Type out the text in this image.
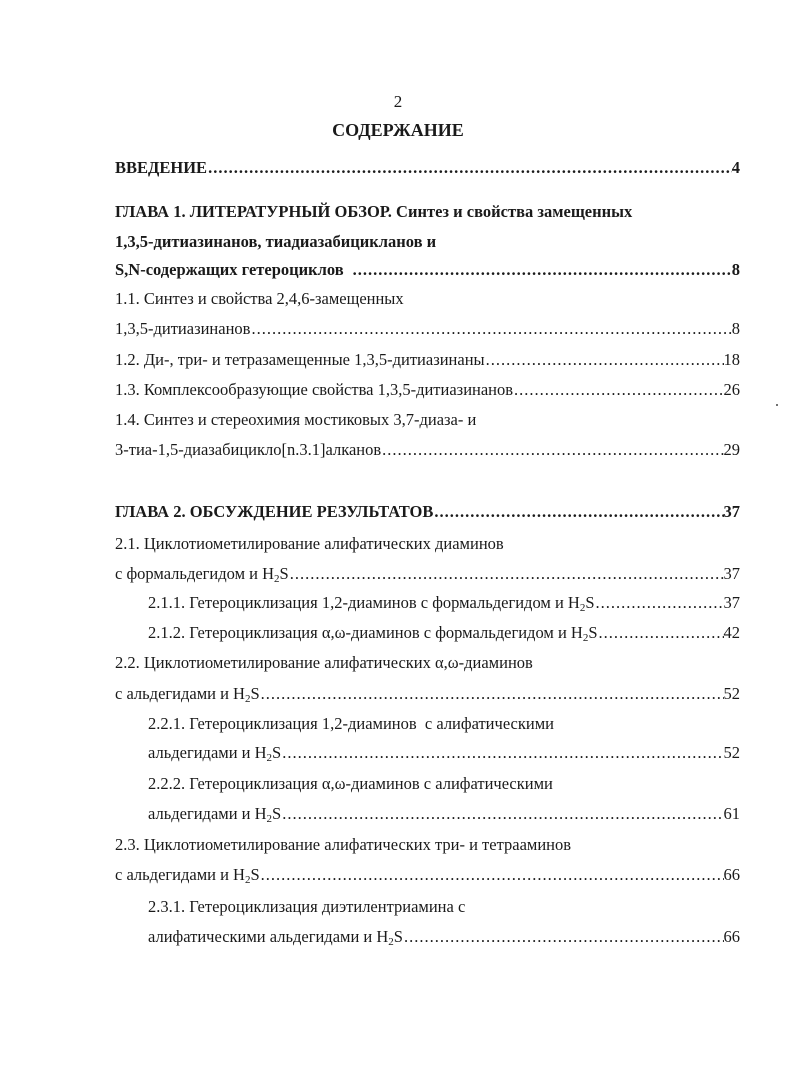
2
СОДЕРЖАНИЕ
ВВЕДЕНИЕ .....	4
ГЛАВА 1. ЛИТЕРАТУРНЫЙ ОБЗОР. Синтез и свойства замещенных
1,3,5-дитиазинанов, тиадиазабицикланов и
S,N-содержащих гетероциклов .....	8
1.1. Синтез и свойства 2,4,6-замещенных
1,3,5-дитиазинанов .....	8
1.2. Ди-, три- и тетразамещенные 1,3,5-дитиазинаны .....	18
1.3. Комплексообразующие свойства 1,3,5-дитиазинанов .....	26
1.4. Синтез и стереохимия мостиковых 3,7-диаза- и
3-тиа-1,5-диазабицикло[n.3.1]алканов .....	29
ГЛАВА 2. ОБСУЖДЕНИЕ РЕЗУЛЬТАТОВ .....	37
2.1. Циклотиометилирование алифатических диаминов
с формальдегидом и $H_2S$ .....	37
2.1.1. Гетероциклизация 1,2-диаминов с формальдегидом и $H_2S$ .....	37
2.1.2. Гетероциклизация α,ω-диаминов с формальдегидом и $H_2S$ .....	42
2.2. Циклотиометилирование алифатических α,ω-диаминов
с альдегидами и $H_2S$ .....	52
2.2.1. Гетероциклизация 1,2-диаминов  с алифатическими
альдегидами и $H_2S$ .....	52
2.2.2. Гетероциклизация α,ω-диаминов с алифатическими
альдегидами и $H_2S$ .....	61
2.3. Циклотиометилирование алифатических три- и тетрааминов
с альдегидами и $H_2S$ .....	66
2.3.1. Гетероциклизация диэтилентриамина с
алифатическими альдегидами и $H_2S$ .....	66
